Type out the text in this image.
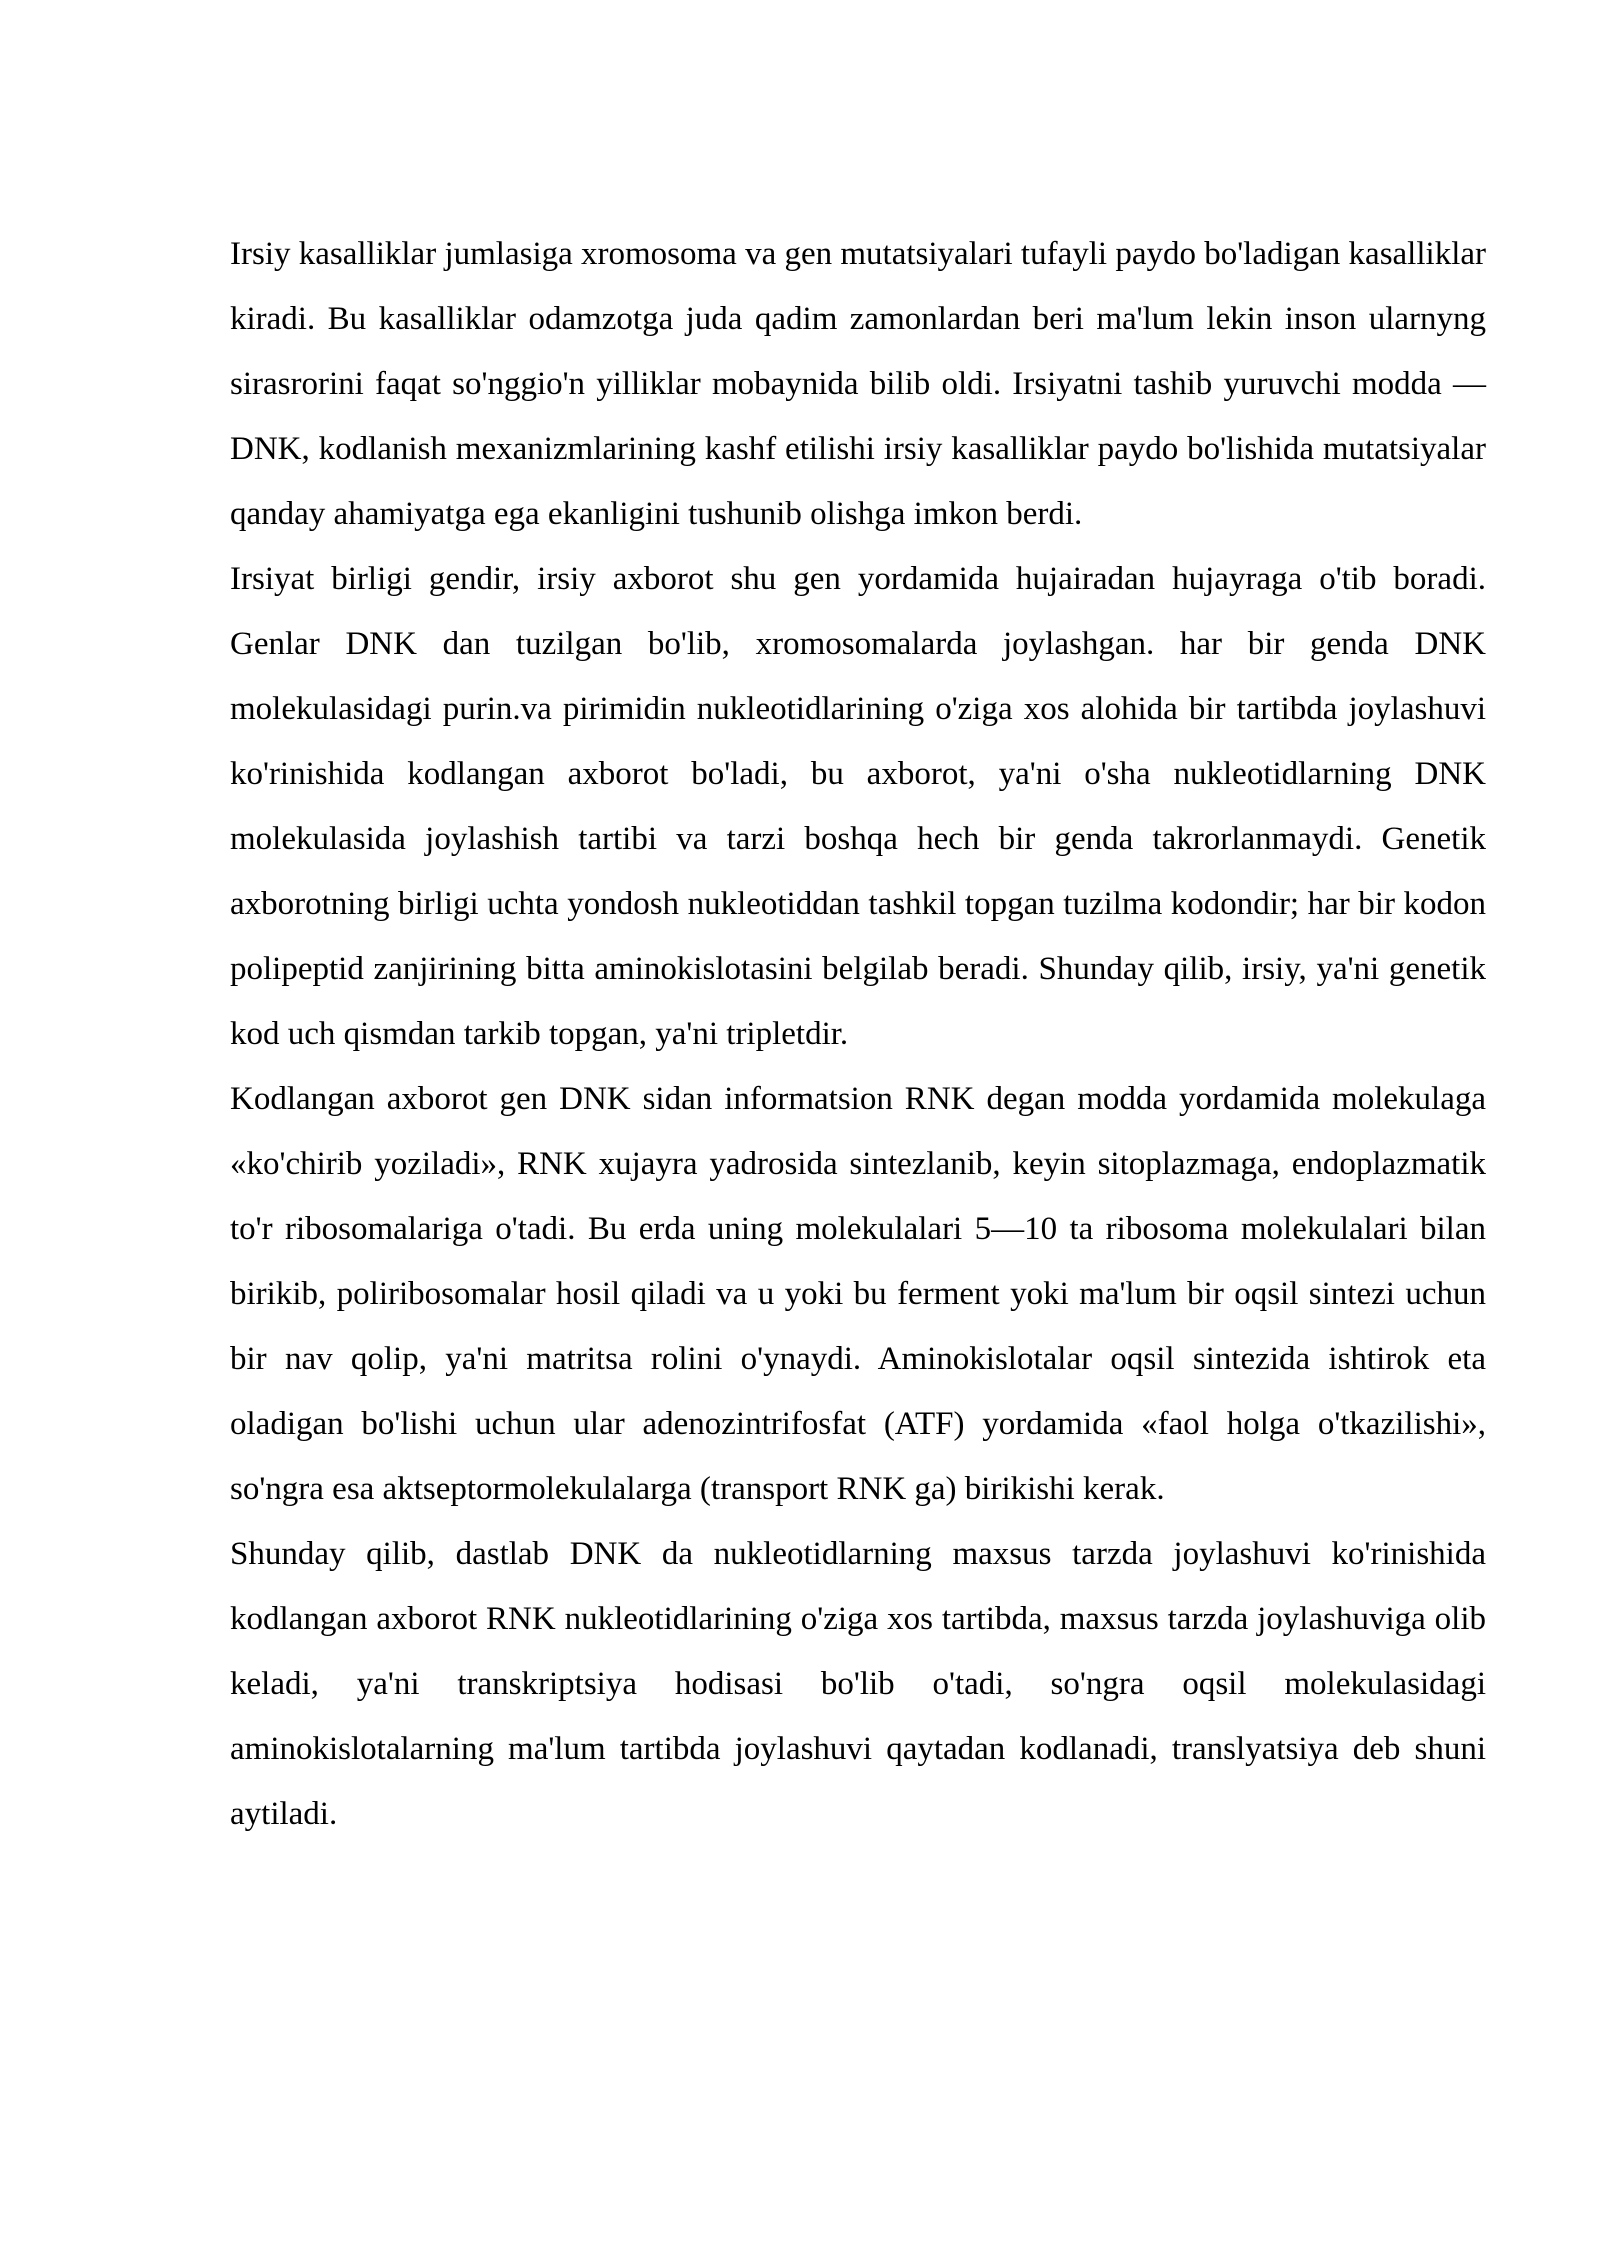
Irsiy kasalliklar jumlasiga xromosoma va gen mutatsiyalari tufayli paydo bo'ladigan kasalliklar kiradi. Bu kasalliklar odamzotga juda qadim zamonlardan beri ma'lum lekin inson ularnyng sirasrorini faqat so'nggio'n yilliklar mobaynida bilib oldi. Irsiyatni tashib yuruvchi modda — DNK, kodlanish mexanizmlarining kashf etilishi irsiy kasalliklar paydo bo'lishida mutatsiyalar qanday ahamiyatga ega ekanligini tushunib olishga imkon berdi.

Irsiyat birligi gendir, irsiy axborot shu gen yordamida hujairadan hujayraga o'tib boradi. Genlar DNK dan tuzilgan bo'lib, xromosomalarda joylashgan. har bir genda DNK molekulasidagi purin.va pirimidin nukleotidlarining o'ziga xos alohida bir tartibda joylashuvi ko'rinishida kodlangan axborot bo'ladi, bu axborot, ya'ni o'sha nukleotidlarning DNK molekulasida joylashish tartibi va tarzi boshqa hech bir genda takrorlanmaydi. Genetik axborotning birligi uchta yondosh nukleotiddan tashkil topgan tuzilma kodondir; har bir kodon polipeptid zanjirining bitta aminokislotasini belgilab beradi. Shunday qilib, irsiy, ya'ni genetik kod uch qismdan tarkib topgan, ya'ni tripletdir.

Kodlangan axborot gen DNK sidan informatsion RNK degan modda yordamida molekulaga «ko'chirib yoziladi», RNK xujayra yadrosida sintezlanib, keyin sitoplazmaga, endoplazmatik to'r ribosomalariga o'tadi. Bu erda uning molekulalari 5—10 ta ribosoma molekulalari bilan birikib, poliribosomalar hosil qiladi va u yoki bu ferment yoki ma'lum bir oqsil sintezi uchun bir nav qolip, ya'ni matritsa rolini o'ynaydi. Aminokislotalar oqsil sintezida ishtirok eta oladigan bo'lishi uchun ular adenozintrifosfat (ATF) yordamida «faol holga o'tkazilishi», so'ngra esa aktseptormolekulalarga (transport RNK ga) birikishi kerak.

Shunday qilib, dastlab DNK da nukleotidlarning maxsus tarzda joylashuvi ko'rinishida kodlangan axborot RNK nukleotidlarining o'ziga xos tartibda, maxsus tarzda joylashuviga olib keladi, ya'ni transkriptsiya hodisasi bo'lib o'tadi, so'ngra oqsil molekulasidagi aminokislotalarning ma'lum tartibda joylashuvi qaytadan kodlanadi, translyatsiya deb shuni aytiladi.
